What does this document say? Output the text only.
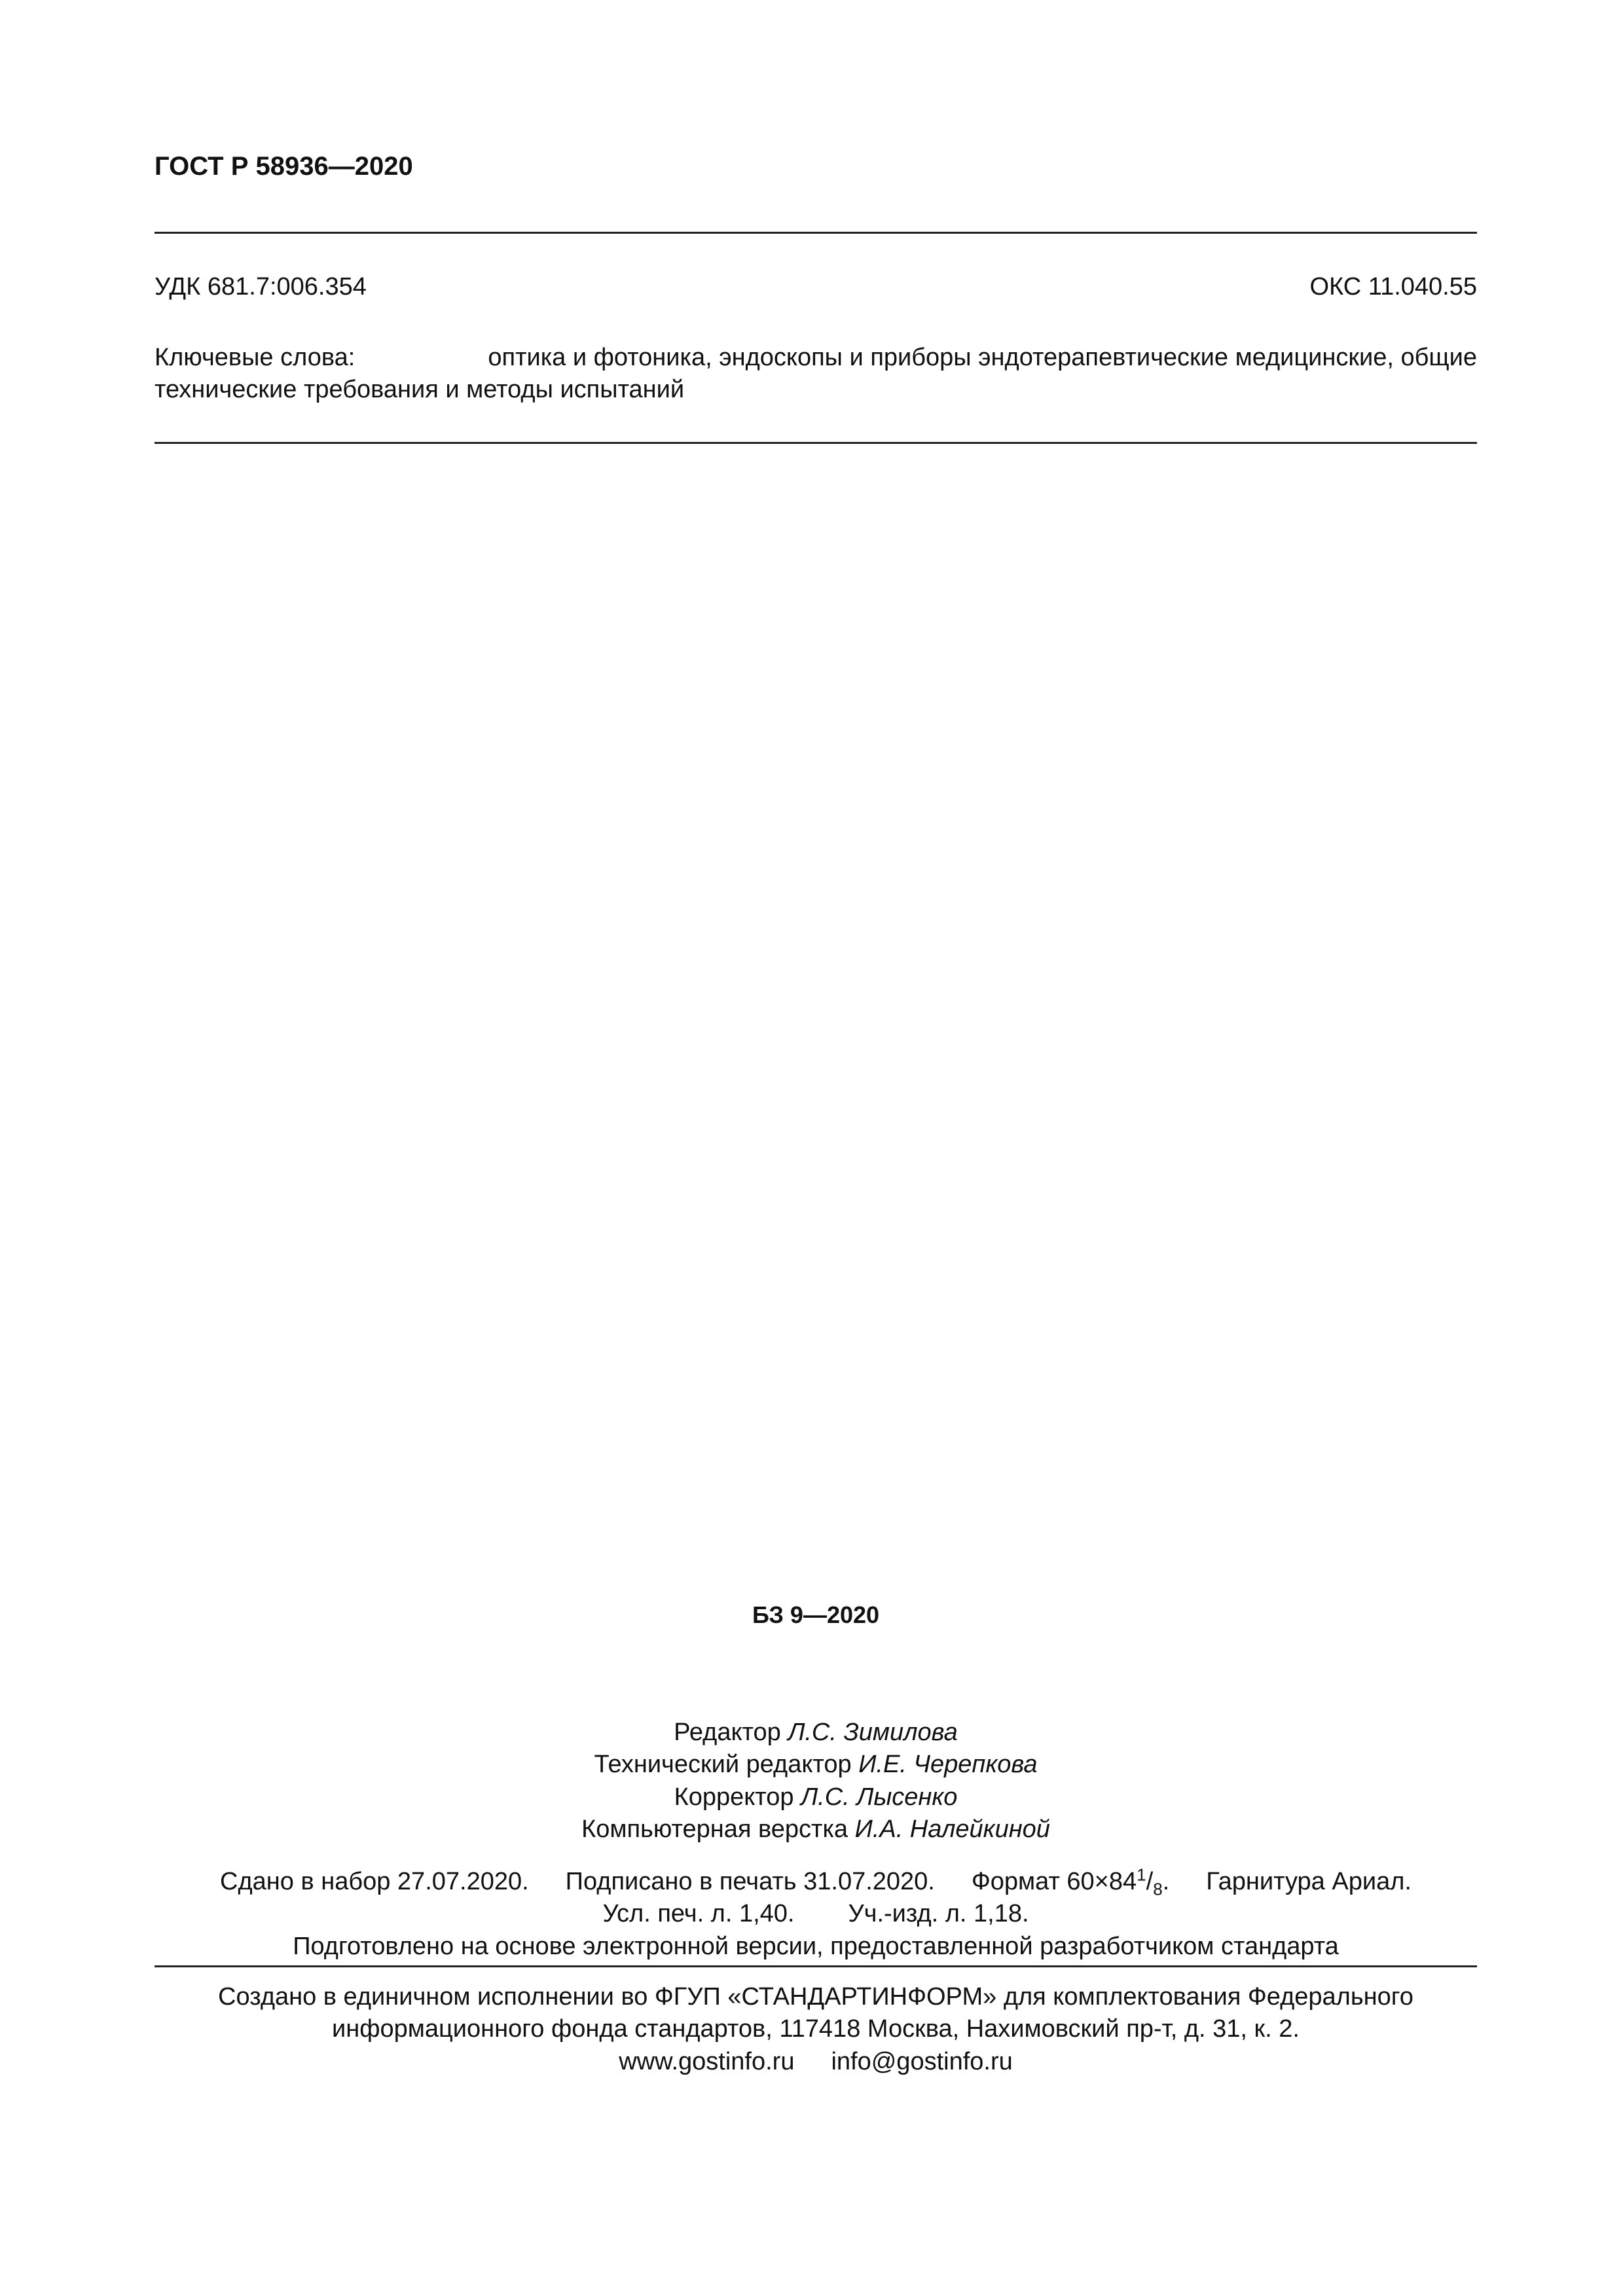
ГОСТ Р 58936—2020
УДК 681.7:006.354	ОКС 11.040.55
Ключевые слова:	оптика и фотоника, эндоскопы и приборы эндотерапевтические медицинские, общие
технические требования и методы испытаний
БЗ 9—2020
Редактор Л.С. Зимилова
Технический редактор И.Е. Черепкова
Корректор Л.С. Лысенко
Компьютерная верстка И.А. Налейкиной
Сдано в набор 27.07.2020. Подписано в печать 31.07.2020. Формат $60\times 84^1/_8$. Гарнитура Ариал.
Усл. печ. л. 1,40. Уч.-изд. л. 1,18.
Подготовлено на основе электронной версии, предоставленной разработчиком стандарта
Создано в единичном исполнении во ФГУП «СТАНДАРТИНФОРМ» для комплектования Федерального
информационного фонда стандартов, 117418 Москва, Нахимовский пр-т, д. 31, к. 2.
www.gostinfo.ru info@gostinfo.ru
